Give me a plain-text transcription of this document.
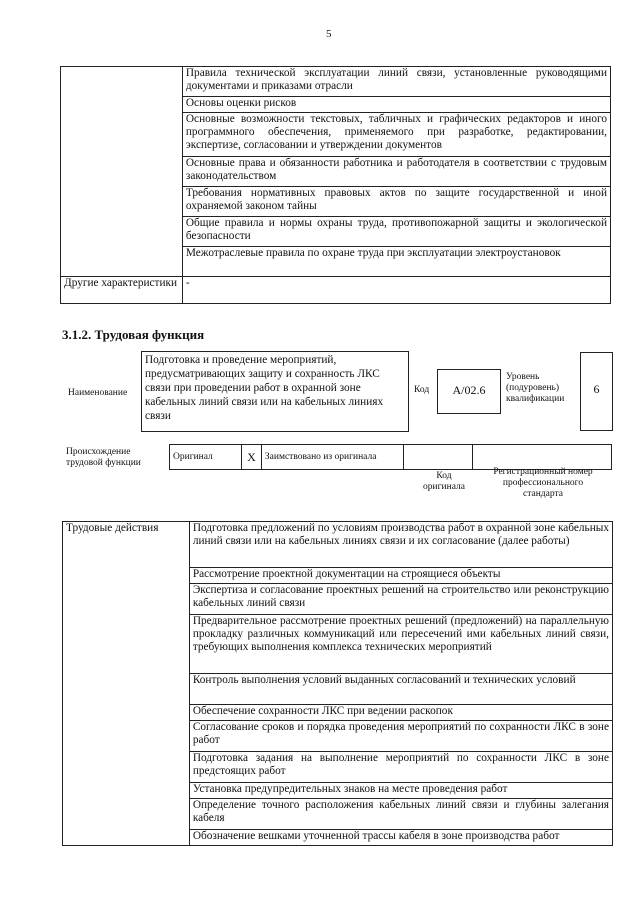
5
	Правила технической эксплуатации линий связи, установленные руководящими документами и приказами отрасли
	Основы оценки рисков
	Основные возможности текстовых, табличных и графических редакторов и иного программного обеспечения, применяемого при разработке, редактировании, экспертизе, согласовании и утверждении документов
	Основные права и обязанности работника и работодателя в соответствии с трудовым законодательством
	Требования нормативных правовых актов по защите государственной и иной охраняемой законом тайны
	Общие правила и нормы охраны труда, противопожарной защиты и экологической безопасности
	Межотраслевые правила по охране труда при эксплуатации электроустановок
Другие характеристики	-
3.1.2. Трудовая функция
Наименование
Подготовка и проведение мероприятий, предусматривающих защиту и сохранность ЛКС связи при проведении работ в охранной зоне кабельных линий связи или на кабельных линиях связи
Код	A/02.6
Уровень (подуровень) квалификации
6
Происхождение трудовой функции
Оригинал	X	Заимствовано из оригинала		
Код оригинала
Регистрационный номер профессионального стандарта
Трудовые действия	Подготовка предложений по условиям производства работ в охранной зоне кабельных линий связи или на кабельных линиях связи и их согласование (далее работы)
Рассмотрение проектной документации на строящиеся объекты
Экспертиза и согласование проектных решений на строительство или реконструкцию кабельных линий связи
Предварительное рассмотрение проектных решений (предложений) на параллельную прокладку различных коммуникаций или пересечений ими кабельных линий связи, требующих выполнения комплекса технических мероприятий
Контроль выполнения условий выданных согласований и технических условий
Обеспечение сохранности ЛКС при ведении раскопок
Согласование сроков и порядка проведения мероприятий по сохранности ЛКС в зоне работ
Подготовка задания на выполнение мероприятий по сохранности ЛКС в зоне предстоящих работ
Установка предупредительных знаков на месте проведения работ
Определение точного расположения кабельных линий связи и глубины залегания кабеля
Обозначение вешками уточненной трассы кабеля в зоне производства работ
